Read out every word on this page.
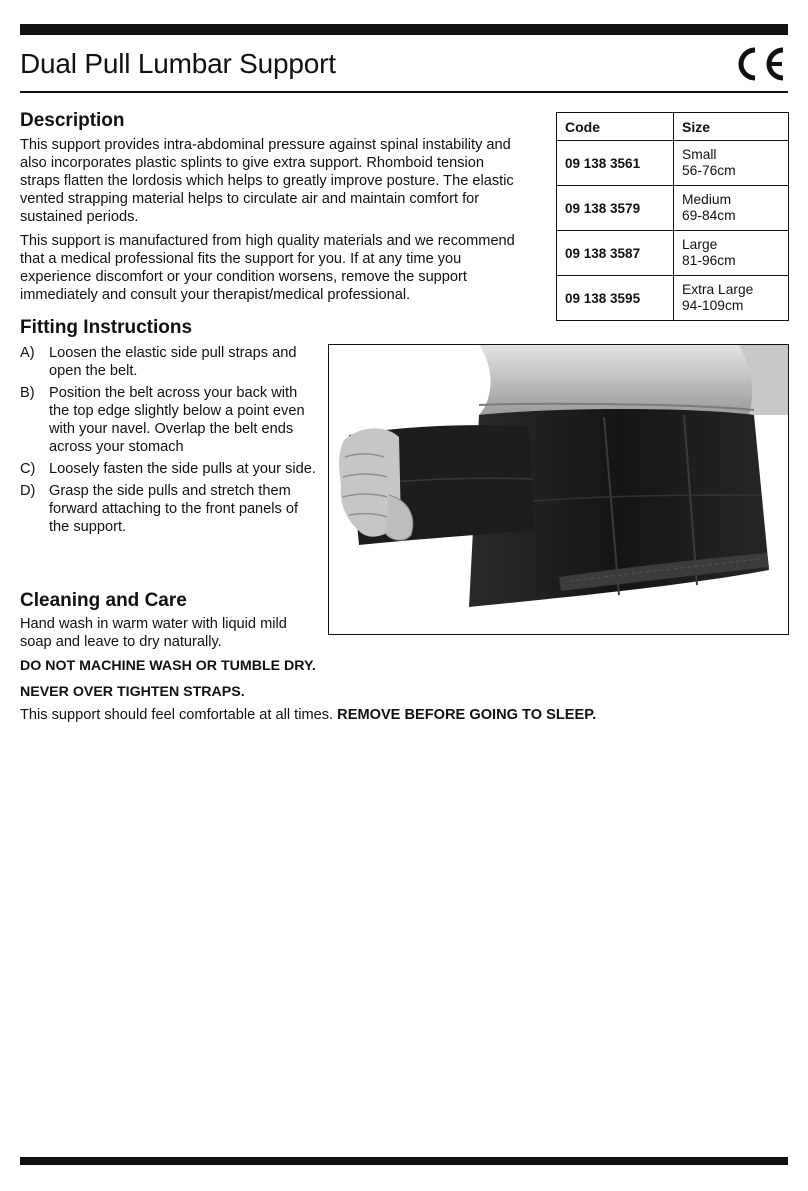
Dual Pull Lumbar Support
Description

This support provides intra-abdominal pressure against spinal instability and also incorporates plastic splints to give extra support. Rhomboid tension straps flatten the lordosis which helps to greatly improve posture. The elastic vented strapping material helps to circulate air and maintain comfort for sustained periods.

This support is manufactured from high quality materials and we recommend that a medical professional fits the support for you. If at any time you experience discomfort or your condition worsens, remove the support immediately and consult your therapist/medical professional.

Code	Size
09 138 3561	Small
56-76cm
09 138 3579	Medium
69-84cm
09 138 3587	Large
81-96cm
09 138 3595	Extra Large
94-109cm
Fitting Instructions
A) Loosen the elastic side pull straps and open the belt.
B) Position the belt across your back with the top edge slightly below a point even with your navel. Overlap the belt ends across your stomach
C) Loosely fasten the side pulls at your side.
D) Grasp the side pulls and stretch them forward attaching to the front panels of the support.
Cleaning and Care

Hand wash in warm water with liquid mild soap and leave to dry naturally.

DO NOT MACHINE WASH OR TUMBLE DRY.

NEVER OVER TIGHTEN STRAPS.

This support should feel comfortable at all times. REMOVE BEFORE GOING TO SLEEP.
